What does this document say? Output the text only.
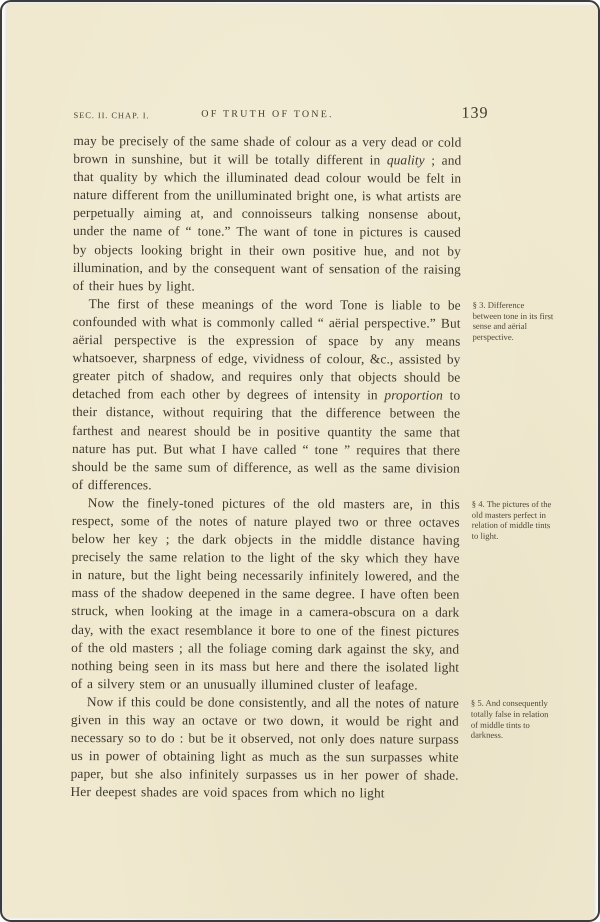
SEC. II. CHAP. I.	OF TRUTH OF TONE.	139

may be precisely of the same shade of colour as a very dead or cold brown in sunshine, but it will be totally different in quality ; and that quality by which the illuminated dead colour would be felt in nature different from the unilluminated bright one, is what artists are perpetually aiming at, and connoisseurs talking nonsense about, under the name of “ tone.” The want of tone in pictures is caused by objects looking bright in their own positive hue, and not by illumination, and by the consequent want of sensation of the raising of their hues by light.

The first of these meanings of the word Tone is liable to be confounded with what is commonly called “ aërial perspective.” But aërial perspective is the expression of space by any means whatsoever, sharpness of edge, vividness of colour, &c., assisted by greater pitch of shadow, and requires only that objects should be detached from each other by degrees of intensity in proportion to their distance, without requiring that the difference between the farthest and nearest should be in positive quantity the same that nature has put. But what I have called “ tone ” requires that there should be the same sum of difference, as well as the same division of differences.

§ 3. Difference between tone in its first sense and aërial perspective.

Now the finely-toned pictures of the old masters are, in this respect, some of the notes of nature played two or three octaves below her key ; the dark objects in the middle distance having precisely the same relation to the light of the sky which they have in nature, but the light being necessarily infinitely lowered, and the mass of the shadow deepened in the same degree. I have often been struck, when looking at the image in a camera-obscura on a dark day, with the exact resemblance it bore to one of the finest pictures of the old masters ; all the foliage coming dark against the sky, and nothing being seen in its mass but here and there the isolated light of a silvery stem or an unusually illumined cluster of leafage.

§ 4. The pictures of the old masters perfect in relation of middle tints to light.

Now if this could be done consistently, and all the notes of nature given in this way an octave or two down, it would be right and necessary so to do : but be it observed, not only does nature surpass us in power of obtaining light as much as the sun surpasses white paper, but she also infinitely surpasses us in her power of shade. Her deepest shades are void spaces from which no light

§ 5. And consequently totally false in relation of middle tints to darkness.
